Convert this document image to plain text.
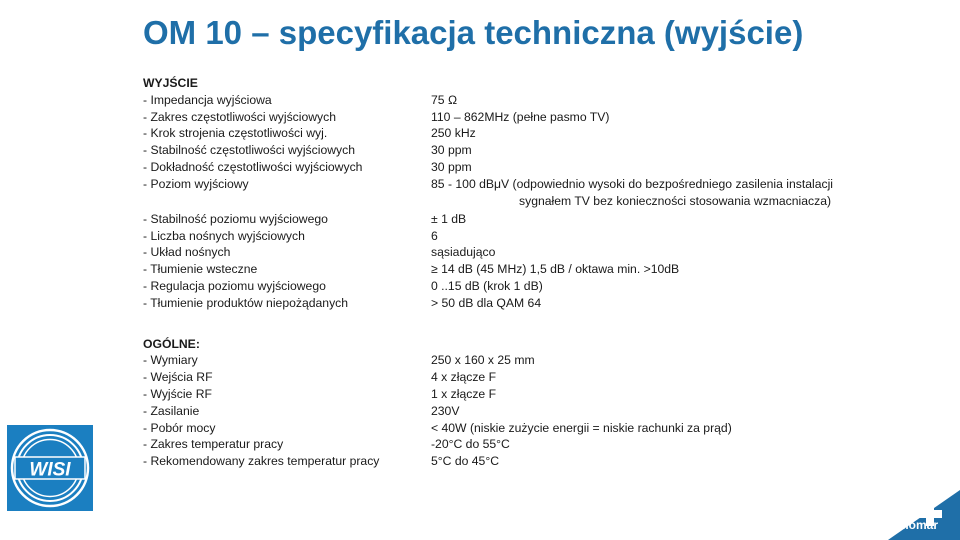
OM 10 – specyfikacja techniczna (wyjście)
WYJŚCIE
- Impedancja wyjściowa	75 Ω
- Zakres częstotliwości wyjściowych	110 – 862MHz (pełne pasmo TV)
- Krok strojenia częstotliwości wyj.	250 kHz
- Stabilność częstotliwości wyjściowych	30 ppm
- Dokładność częstotliwości wyjściowych	30 ppm
- Poziom wyjściowy	85 - 100 dBμV (odpowiednio wysoki do bezpośredniego zasilenia instalacji
sygnałem TV bez konieczności stosowania wzmacniacza)
- Stabilność poziomu wyjściowego	± 1 dB
- Liczba nośnych wyjściowych	6
- Układ nośnych	sąsiadująco
- Tłumienie wsteczne	≥ 14 dB (45 MHz) 1,5 dB / oktawa min. >10dB
- Regulacja poziomu wyjściowego	0 ..15 dB (krok 1 dB)
- Tłumienie produktów niepożądanych	> 50 dB dla QAM 64
OGÓLNE:
- Wymiary	250 x 160 x 25 mm
- Wejścia RF	4 x złącze F
- Wyjście RF	1 x złącze F
- Zasilanie	230V
- Pobór mocy	< 40W (niskie zużycie energii = niskie rachunki za prąd)
- Zakres temperatur pracy	-20°C do 55°C
- Rekomendowany zakres temperatur pracy	5°C do 45°C
WISI
diomar
